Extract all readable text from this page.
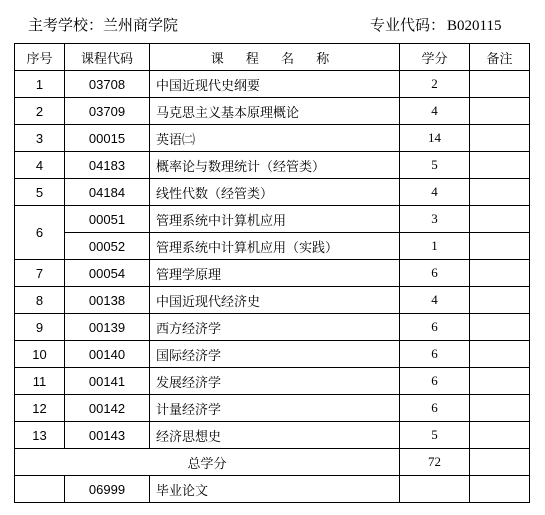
主考学校：兰州商学院	专业代码： B020115
序号	课程代码	课 程 名 称	学分	备注
1	03708	中国近现代史纲要	2	
2	03709	马克思主义基本原理概论	4	
3	00015	英语㈡	14	
4	04183	概率论与数理统计（经管类）	5	
5	04184	线性代数（经管类）	4	
6	00051	管理系统中计算机应用	3	
	00052	管理系统中计算机应用（实践）	1	
7	00054	管理学原理	6	
8	00138	中国近现代经济史	4	
9	00139	西方经济学	6	
10	00140	国际经济学	6	
11	00141	发展经济学	6	
12	00142	计量经济学	6	
13	00143	经济思想史	5	
总学分			72	
	06999	毕业论文		
